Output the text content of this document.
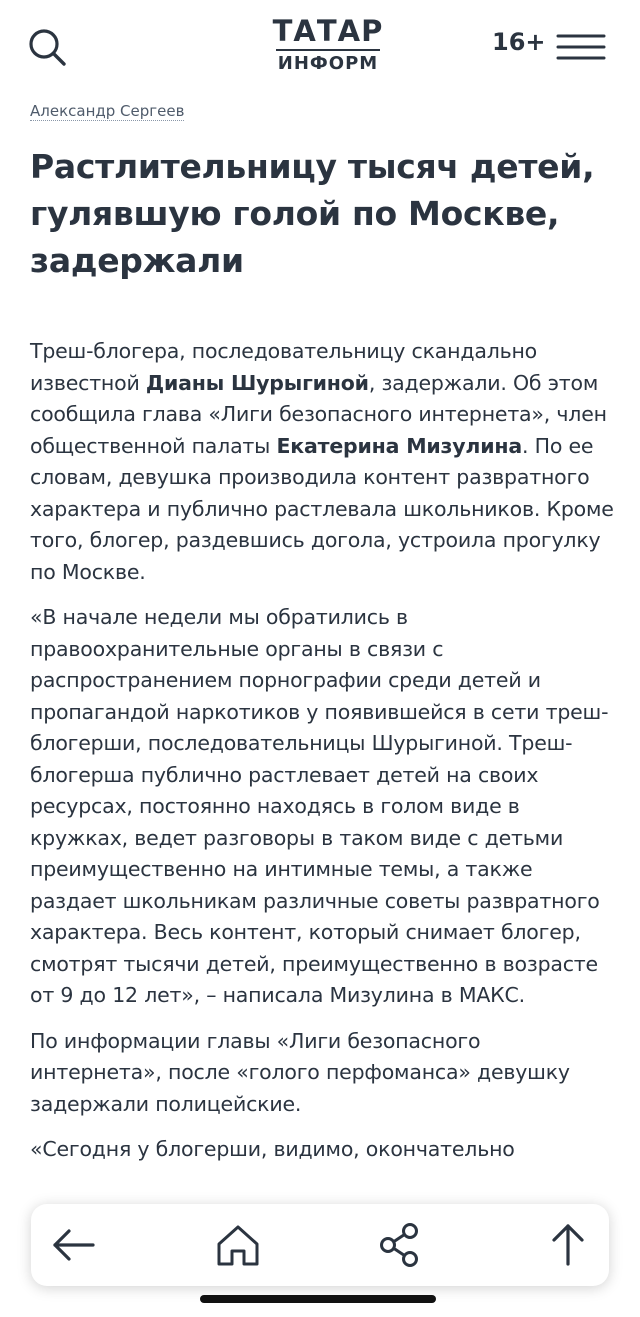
ТАТАР
ИНФОРМ
16+
Александр Сергеев
Растлительницу тысяч детей, гулявшую голой по Москве, задержали

Треш-блогера, последовательницу скандально известной Дианы Шурыгиной, задержали. Об этом сообщила глава «Лиги безопасного интернета», член общественной палаты Екатерина Мизулина. По ее словам, девушка производила контент развратного характера и публично растлевала школьников. Кроме того, блогер, раздевшись догола, устроила прогулку по Москве.

«В начале недели мы обратились в правоохранительные органы в связи с распространением порнографии среди детей и пропагандой наркотиков у появившейся в сети треш-блогерши, последовательницы Шурыгиной. Треш-блогерша публично растлевает детей на своих ресурсах, постоянно находясь в голом виде в кружках, ведет разговоры в таком виде с детьми преимущественно на интимные темы, а также раздает школьникам различные советы развратного характера. Весь контент, который снимает блогер, смотрят тысячи детей, преимущественно в возрасте от 9 до 12 лет», – написала Мизулина в МАКС.

По информации главы «Лиги безопасного интернета», после «голого перфоманса» девушку задержали полицейские.

«Сегодня у блогерши, видимо, окончательно
